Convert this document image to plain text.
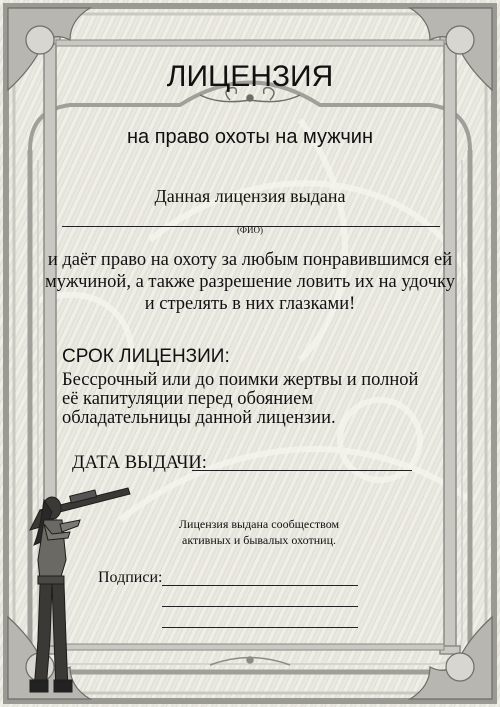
ЛИЦЕНЗИЯ
на право охоты на мужчин
Данная лицензия выдана
(ФИО)
и даёт право на охоту за любым понравившимся ей
мужчиной, а также разрешение ловить их на удочку
и стрелять в них глазками!
СРОК ЛИЦЕНЗИИ:
Бессрочный или до поимки жертвы и полной
её капитуляции перед обоянием
обладательницы данной лицензии.
ДАТА ВЫДАЧИ:
Лицензия выдана сообществом
активных и бывалых охотниц.
Подписи:
